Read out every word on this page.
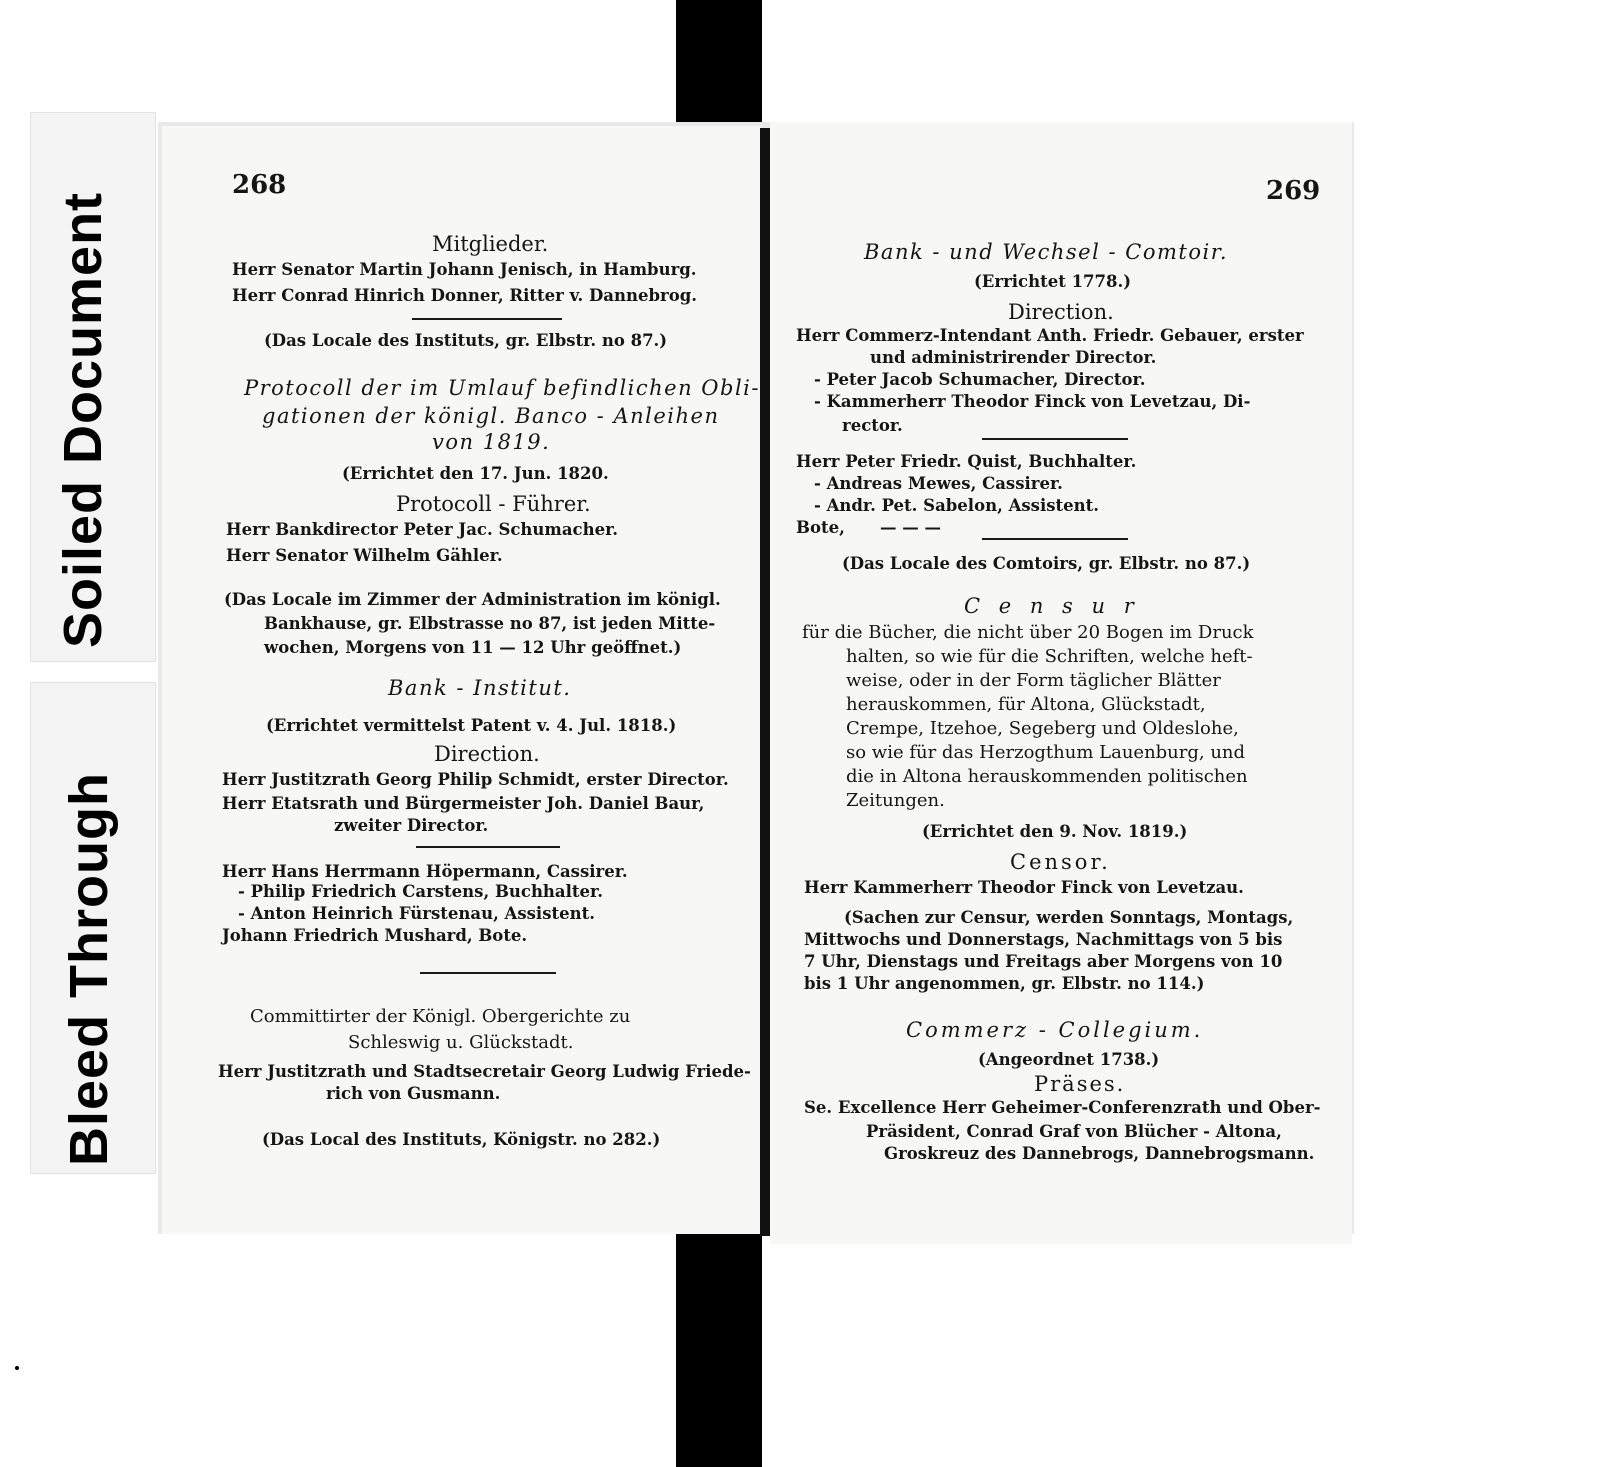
Soiled Document
Bleed Through
268
Mitglieder.
Herr Senator Martin Johann Jenisch, in Hamburg.
Herr Conrad Hinrich Donner, Ritter v. Dannebrog.
(Das Locale des Instituts, gr. Elbstr. no 87.)
Protocoll der im Umlauf befindlichen Obli-
gationen der königl. Banco - Anleihen
von 1819.
(Errichtet den 17. Jun. 1820.
Protocoll - Führer.
Herr Bankdirector Peter Jac. Schumacher.
Herr Senator Wilhelm Gähler.
(Das Locale im Zimmer der Administration im königl.
Bankhause, gr. Elbstrasse no 87, ist jeden Mitte-
wochen, Morgens von 11 — 12 Uhr geöffnet.)
Bank - Institut.
(Errichtet vermittelst Patent v. 4. Jul. 1818.)
Direction.
Herr Justitzrath Georg Philip Schmidt, erster Director.
Herr Etatsrath und Bürgermeister Joh. Daniel Baur,
zweiter Director.
Herr Hans Herrmann Höpermann, Cassirer.
- Philip Friedrich Carstens, Buchhalter.
- Anton Heinrich Fürstenau, Assistent.
Johann Friedrich Mushard, Bote.
Committirter der Königl. Obergerichte zu
Schleswig u. Glückstadt.
Herr Justitzrath und Stadtsecretair Georg Ludwig Friede-
rich von Gusmann.
(Das Local des Instituts, Königstr. no 282.)
269
Bank - und Wechsel - Comtoir.
(Errichtet 1778.)
Direction.
Herr Commerz-Intendant Anth. Friedr. Gebauer, erster
und administrirender Director.
- Peter Jacob Schumacher, Director.
- Kammerherr Theodor Finck von Levetzau, Di-
rector.
Herr Peter Friedr. Quist, Buchhalter.
- Andreas Mewes, Cassirer.
- Andr. Pet. Sabelon, Assistent.
Bote, — — —
(Das Locale des Comtoirs, gr. Elbstr. no 87.)
C e n s u r
für die Bücher, die nicht über 20 Bogen im Druck
halten, so wie für die Schriften, welche heft-
weise, oder in der Form täglicher Blätter
herauskommen, für Altona, Glückstadt,
Crempe, Itzehoe, Segeberg und Oldeslohe,
so wie für das Herzogthum Lauenburg, und
die in Altona herauskommenden politischen
Zeitungen.
(Errichtet den 9. Nov. 1819.)
Censor.
Herr Kammerherr Theodor Finck von Levetzau.
(Sachen zur Censur, werden Sonntags, Montags,
Mittwochs und Donnerstags, Nachmittags von 5 bis
7 Uhr, Dienstags und Freitags aber Morgens von 10
bis 1 Uhr angenommen, gr. Elbstr. no 114.)
Commerz - Collegium.
(Angeordnet 1738.)
Präses.
Se. Excellence Herr Geheimer-Conferenzrath und Ober-
Präsident, Conrad Graf von Blücher - Altona,
Groskreuz des Dannebrogs, Dannebrogsmann.
